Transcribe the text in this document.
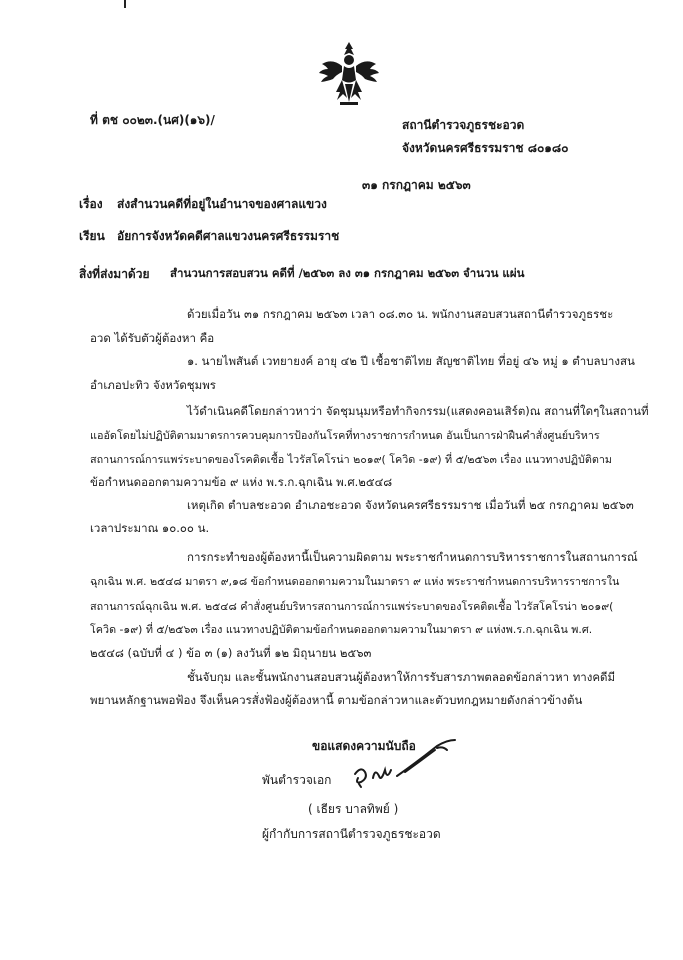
ที่ ตช ๐๐๒๓.(นศ)(๑๖)/	สถานีตำรวจภูธรชะอวด
จังหวัดนครศรีธรรมราช ๘๐๑๘๐
๓๑ กรกฎาคม ๒๕๖๓
เรื่อง ส่งสำนวนคดีที่อยู่ในอำนาจของศาลแขวง
เรียน อัยการจังหวัดคดีศาลแขวงนครศรีธรรมราช
สิ่งที่ส่งมาด้วย สำนวนการสอบสวน คดีที่ /๒๕๖๓ ลง ๓๑ กรกฎาคม ๒๕๖๓ จำนวน แผ่น
ด้วยเมื่อวัน ๓๑ กรกฎาคม ๒๕๖๓ เวลา ๐๘.๓๐ น. พนักงานสอบสวนสถานีตำรวจภูธรชะ
อวด ได้รับตัวผู้ต้องหา คือ
๑. นายไพสันต์ เวทยายงค์ อายุ ๔๒ ปี เชื้อชาติไทย สัญชาติไทย ที่อยู่ ๔๖ หมู่ ๑ ตำบลบางสน
อำเภอปะทิว จังหวัดชุมพร
ไว้ดำเนินคดีโดยกล่าวหาว่า จัดชุมนุมหรือทำกิจกรรม(แสดงคอนเสิร์ต)ณ สถานที่ใดๆในสถานที่
แออัดโดยไม่ปฏิบัติตามมาตรการควบคุมการป้องกันโรคที่ทางราชการกำหนด อันเป็นการฝ่าฝืนคำสั่งศูนย์บริหาร
สถานการณ์การแพร่ระบาดของโรคติดเชื้อ ไวรัสโคโรน่า ๒๐๑๙( โควิด -๑๙) ที่ ๕/๒๕๖๓ เรื่อง แนวทางปฏิบัติตาม
ข้อกำหนดออกตามความข้อ ๙ แห่ง พ.ร.ก.ฉุกเฉิน พ.ศ.๒๕๔๘
เหตุเกิด ตำบลชะอวด อำเภอชะอวด จังหวัดนครศรีธรรมราช เมื่อวันที่ ๒๕ กรกฎาคม ๒๕๖๓
เวลาประมาณ ๑๐.๐๐ น.
การกระทำของผู้ต้องหานี้เป็นความผิดตาม พระราชกำหนดการบริหารราชการในสถานการณ์
ฉุกเฉิน พ.ศ. ๒๕๔๘ มาตรา ๙,๑๘ ข้อกำหนดออกตามความในมาตรา ๙ แห่ง พระราชกำหนดการบริหารราชการใน
สถานการณ์ฉุกเฉิน พ.ศ. ๒๕๔๘ คำสั่งศูนย์บริหารสถานการณ์การแพร่ระบาดของโรคติดเชื้อ ไวรัสโคโรน่า ๒๐๑๙(
โควิด -๑๙) ที่ ๕/๒๕๖๓ เรื่อง แนวทางปฏิบัติตามข้อกำหนดออกตามความในมาตรา ๙ แห่งพ.ร.ก.ฉุกเฉิน พ.ศ.
๒๕๔๘ (ฉบับที่ ๔ ) ข้อ ๓ (๑) ลงวันที่ ๑๒ มิถุนายน ๒๕๖๓
ชั้นจับกุม และชั้นพนักงานสอบสวนผู้ต้องหาให้การรับสารภาพตลอดข้อกล่าวหา ทางคดีมี
พยานหลักฐานพอฟ้อง จึงเห็นควรสั่งฟ้องผู้ต้องหานี้ ตามข้อกล่าวหาและตัวบทกฎหมายดังกล่าวข้างต้น
ขอแสดงความนับถือ
พันตำรวจเอก
( เธียร บาลทิพย์ )
ผู้กำกับการสถานีตำรวจภูธรชะอวด
